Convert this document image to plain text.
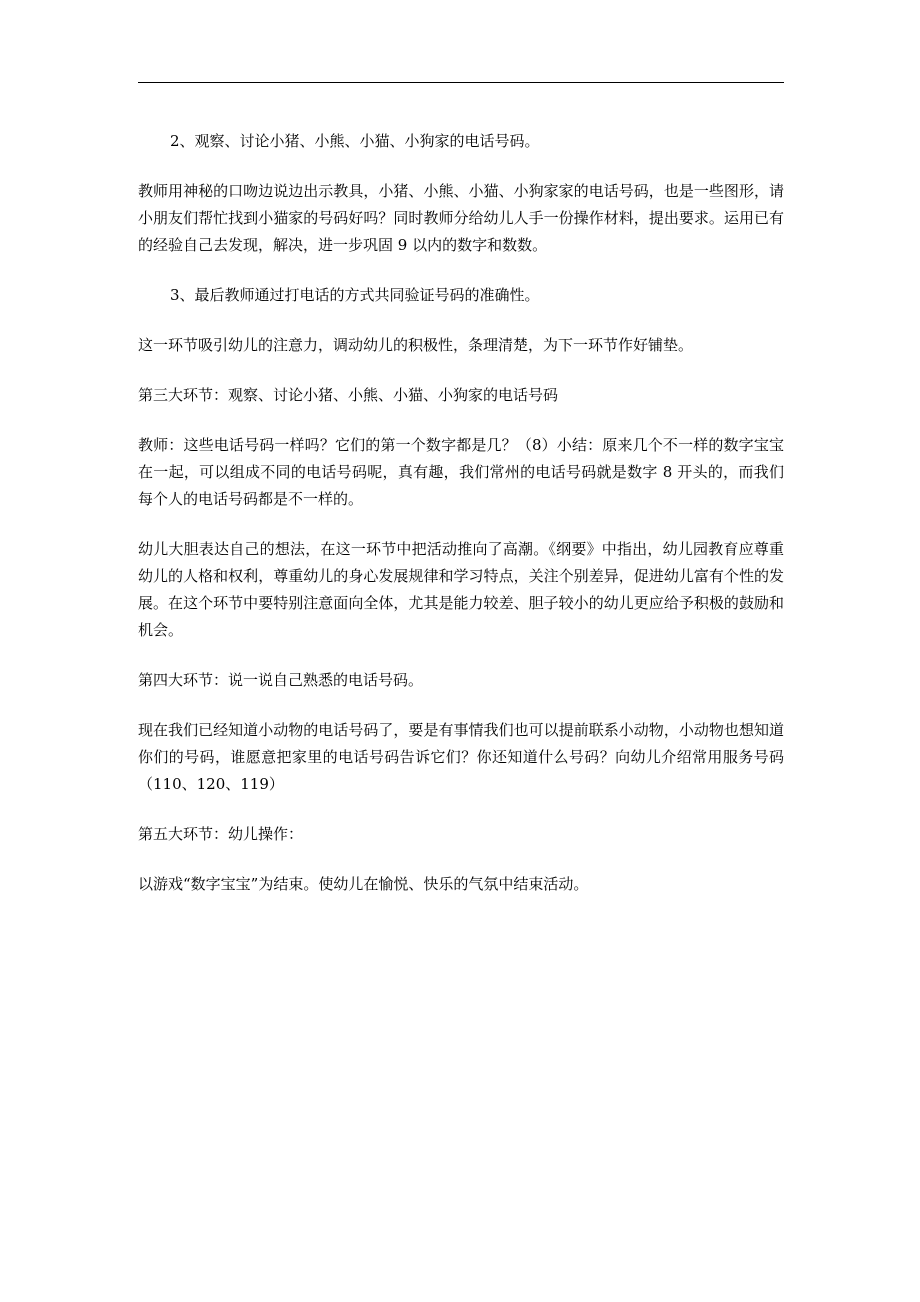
2、观察、讨论小猪、小熊、小猫、小狗家的电话号码。

教师用神秘的口吻边说边出示教具，小猪、小熊、小猫、小狗家家的电话号码，也是一些图形，请小朋友们帮忙找到小猫家的号码好吗？同时教师分给幼儿人手一份操作材料，提出要求。运用已有的经验自己去发现，解决，进一步巩固 9 以内的数字和数数。

3、最后教师通过打电话的方式共同验证号码的准确性。

这一环节吸引幼儿的注意力，调动幼儿的积极性，条理清楚，为下一环节作好铺垫。

第三大环节：观察、讨论小猪、小熊、小猫、小狗家的电话号码

教师：这些电话号码一样吗？它们的第一个数字都是几？（8）小结：原来几个不一样的数字宝宝在一起，可以组成不同的电话号码呢，真有趣，我们常州的电话号码就是数字 8 开头的，而我们每个人的电话号码都是不一样的。

幼儿大胆表达自己的想法，在这一环节中把活动推向了高潮。《纲要》中指出，幼儿园教育应尊重幼儿的人格和权利，尊重幼儿的身心发展规律和学习特点，关注个别差异，促进幼儿富有个性的发展。在这个环节中要特别注意面向全体，尤其是能力较差、胆子较小的幼儿更应给予积极的鼓励和机会。

第四大环节：说一说自己熟悉的电话号码。

现在我们已经知道小动物的电话号码了，要是有事情我们也可以提前联系小动物，小动物也想知道你们的号码，谁愿意把家里的电话号码告诉它们？你还知道什么号码？向幼儿介绍常用服务号码（110、120、119）

第五大环节：幼儿操作：

以游戏“数字宝宝”为结束。使幼儿在愉悦、快乐的气氛中结束活动。
